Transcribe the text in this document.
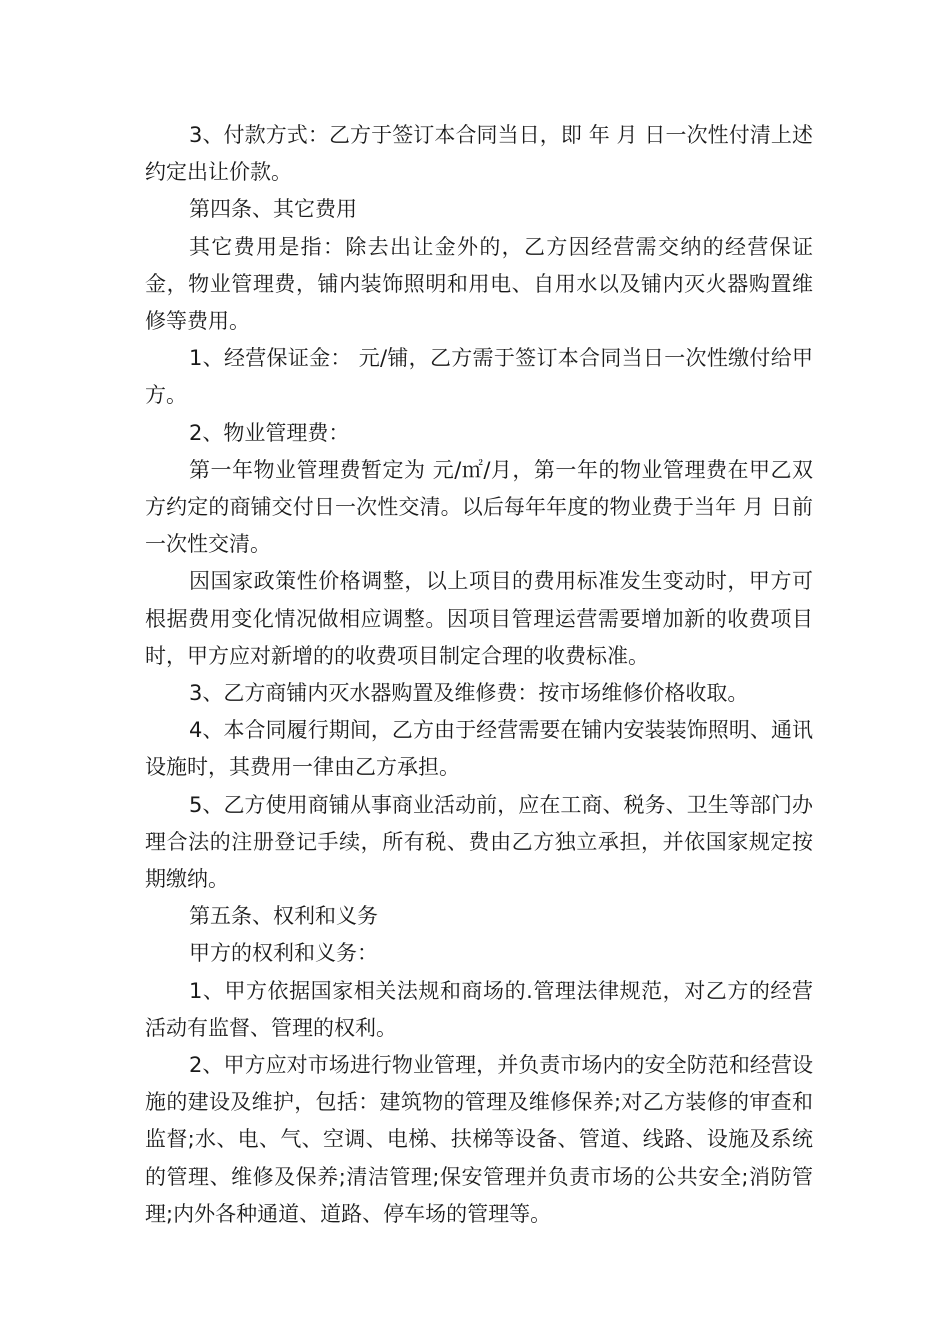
3、付款方式：乙方于签订本合同当日，即 年 月 日一次性付清上述约定出让价款。

第四条、其它费用

其它费用是指：除去出让金外的，乙方因经营需交纳的经营保证金，物业管理费，铺内装饰照明和用电、自用水以及铺内灭火器购置维修等费用。

1、经营保证金： 元/铺，乙方需于签订本合同当日一次性缴付给甲方。

2、物业管理费：

第一年物业管理费暂定为 元/㎡/月，第一年的物业管理费在甲乙双方约定的商铺交付日一次性交清。以后每年年度的物业费于当年 月 日前一次性交清。

因国家政策性价格调整，以上项目的费用标准发生变动时，甲方可根据费用变化情况做相应调整。因项目管理运营需要增加新的收费项目时，甲方应对新增的的收费项目制定合理的收费标准。

3、乙方商铺内灭水器购置及维修费：按市场维修价格收取。

4、本合同履行期间，乙方由于经营需要在铺内安装装饰照明、通讯设施时，其费用一律由乙方承担。

5、乙方使用商铺从事商业活动前，应在工商、税务、卫生等部门办理合法的注册登记手续，所有税、费由乙方独立承担，并依国家规定按期缴纳。

第五条、权利和义务

甲方的权利和义务：

1、甲方依据国家相关法规和商场的.管理法律规范，对乙方的经营活动有监督、管理的权利。

2、甲方应对市场进行物业管理，并负责市场内的安全防范和经营设施的建设及维护，包括：建筑物的管理及维修保养;对乙方装修的审查和监督;水、电、气、空调、电梯、扶梯等设备、管道、线路、设施及系统的管理、维修及保养;清洁管理;保安管理并负责市场的公共安全;消防管理;内外各种通道、道路、停车场的管理等。
